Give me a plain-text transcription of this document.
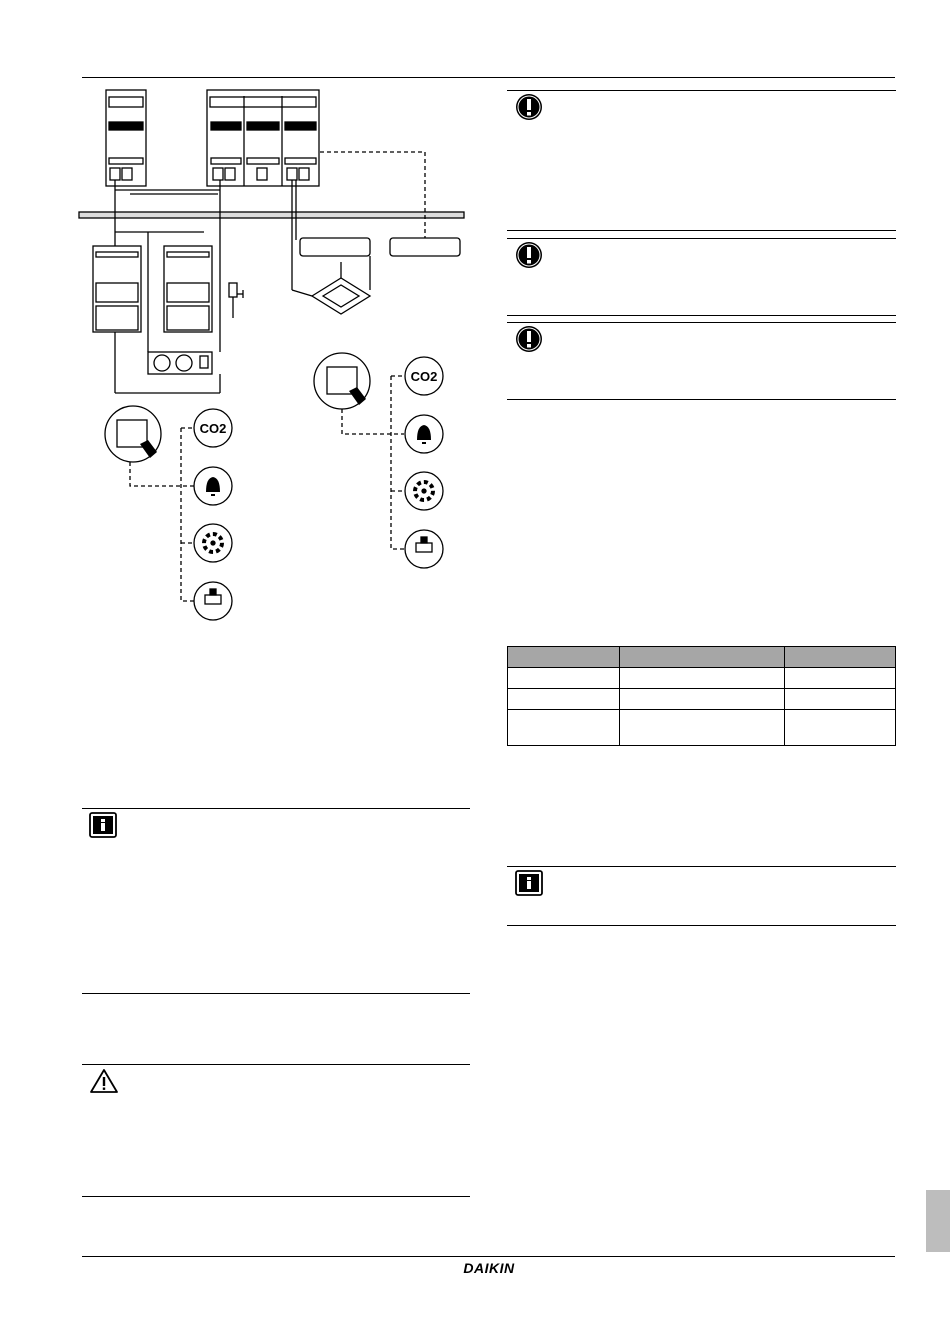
CO2
CO2

DAIKIN
